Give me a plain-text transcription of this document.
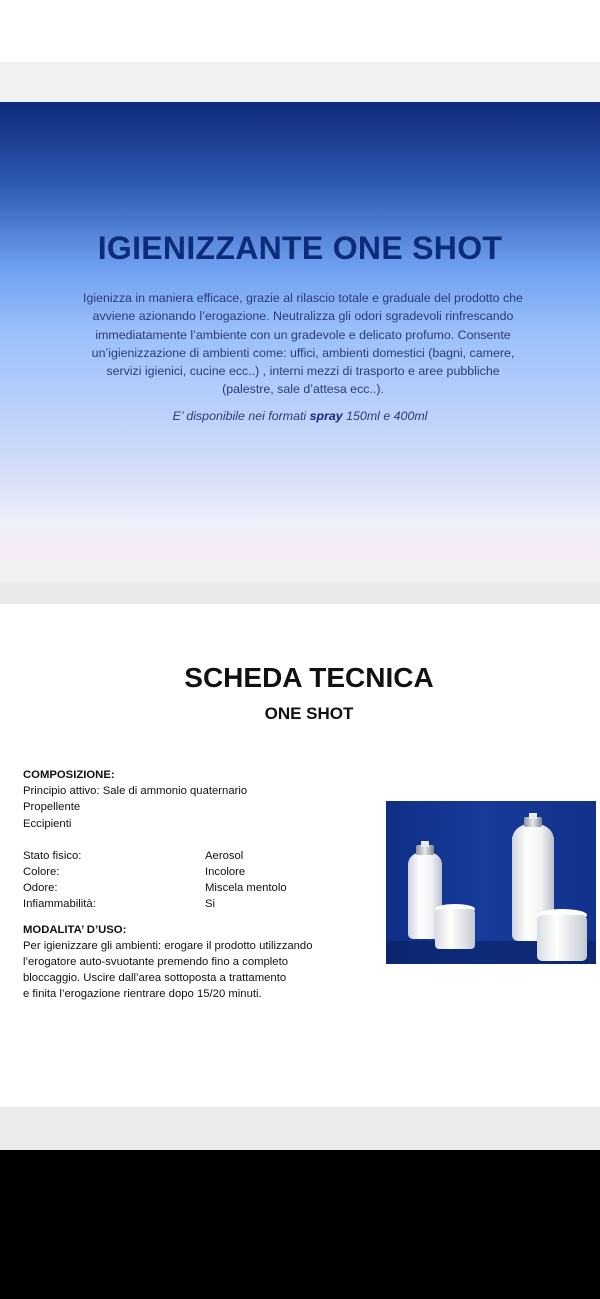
IGIENIZZANTE ONE SHOT
Igienizza in maniera efficace, grazie al rilascio totale e graduale del prodotto che avviene azionando l’erogazione. Neutralizza gli odori sgradevoli rinfrescando immediatamente l’ambiente con un gradevole e delicato profumo. Consente un’igienizzazione di ambienti come: uffici, ambienti domestici (bagni, camere, servizi igienici, cucine ecc..) , interni mezzi di trasporto e aree pubbliche (palestre, sale d’attesa ecc..).
E’ disponibile nei formati spray 150ml e 400ml
SCHEDA TECNICA
ONE SHOT
COMPOSIZIONE:
Principio attivo: Sale di ammonio quaternario
Propellente
Eccipienti
Stato fisico:	Aerosol
Colore:	Incolore
Odore:	Miscela mentolo
Infiammabilità:	Si
MODALITA’ D’USO:
Per igienizzare gli ambienti: erogare il prodotto utilizzando
l’erogatore auto-svuotante premendo fino a completo
bloccaggio. Uscire dall’area sottoposta a trattamento
e finita l’erogazione rientrare dopo 15/20 minuti.
